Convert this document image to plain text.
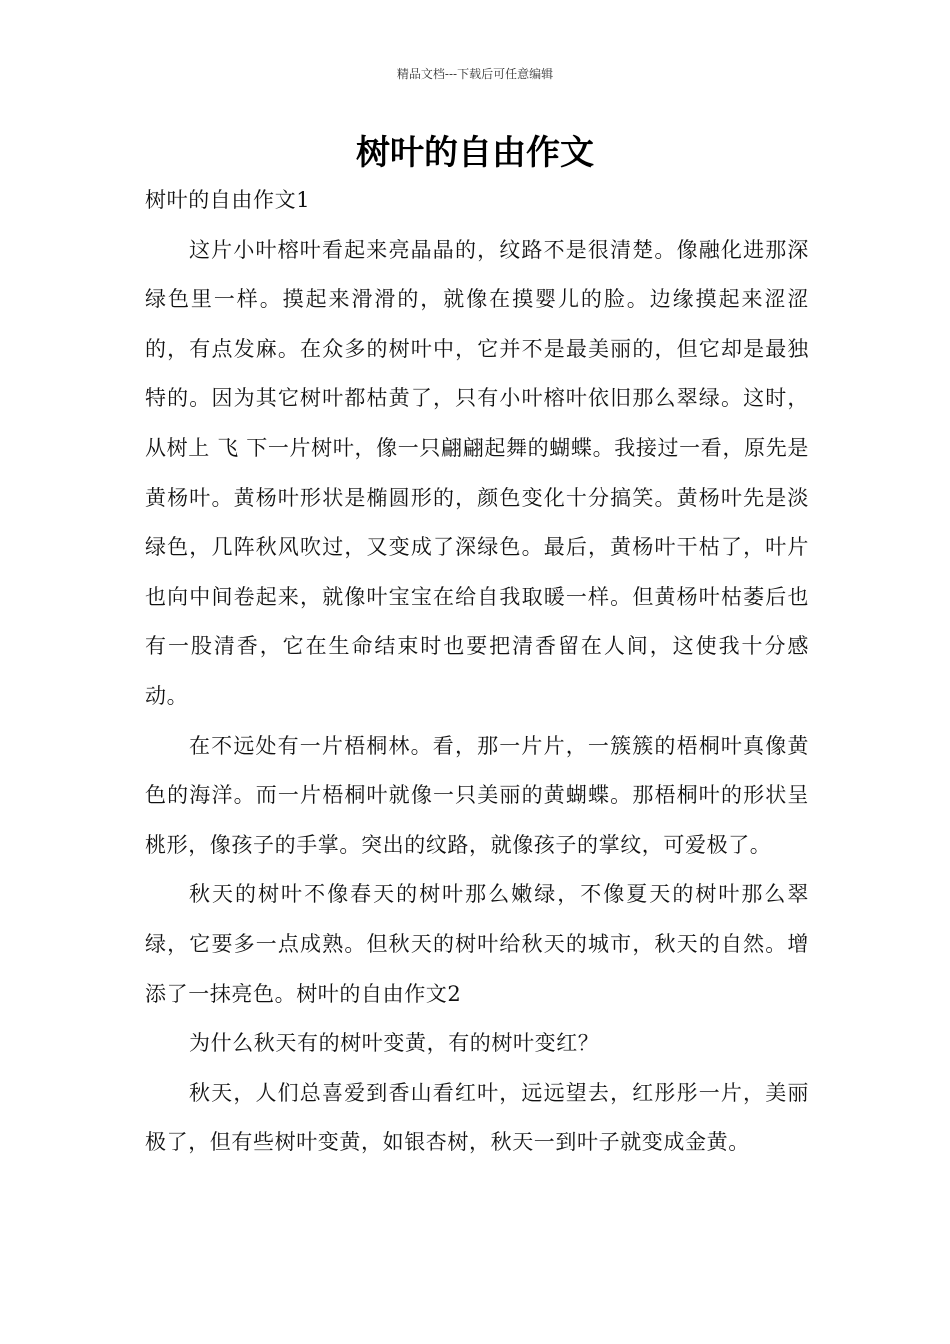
精品文档---下载后可任意编辑
树叶的自由作文

树叶的自由作文1

这片小叶榕叶看起来亮晶晶的，纹路不是很清楚。像融化进那深绿色里一样。摸起来滑滑的，就像在摸婴儿的脸。边缘摸起来涩涩的，有点发麻。在众多的树叶中，它并不是最美丽的，但它却是最独特的。因为其它树叶都枯黄了，只有小叶榕叶依旧那么翠绿。这时，从树上 飞 下一片树叶，像一只翩翩起舞的蝴蝶。我接过一看，原先是黄杨叶。黄杨叶形状是椭圆形的，颜色变化十分搞笑。黄杨叶先是淡绿色，几阵秋风吹过，又变成了深绿色。最后，黄杨叶干枯了，叶片也向中间卷起来，就像叶宝宝在给自我取暖一样。但黄杨叶枯萎后也有一股清香，它在生命结束时也要把清香留在人间，这使我十分感动。

在不远处有一片梧桐林。看，那一片片，一簇簇的梧桐叶真像黄色的海洋。而一片梧桐叶就像一只美丽的黄蝴蝶。那梧桐叶的形状呈桃形，像孩子的手掌。突出的纹路，就像孩子的掌纹，可爱极了。

秋天的树叶不像春天的树叶那么嫩绿，不像夏天的树叶那么翠绿，它要多一点成熟。但秋天的树叶给秋天的城市，秋天的自然。增添了一抹亮色。树叶的自由作文2

为什么秋天有的树叶变黄，有的树叶变红？

秋天，人们总喜爱到香山看红叶，远远望去，红彤彤一片，美丽极了，但有些树叶变黄，如银杏树，秋天一到叶子就变成金黄。
